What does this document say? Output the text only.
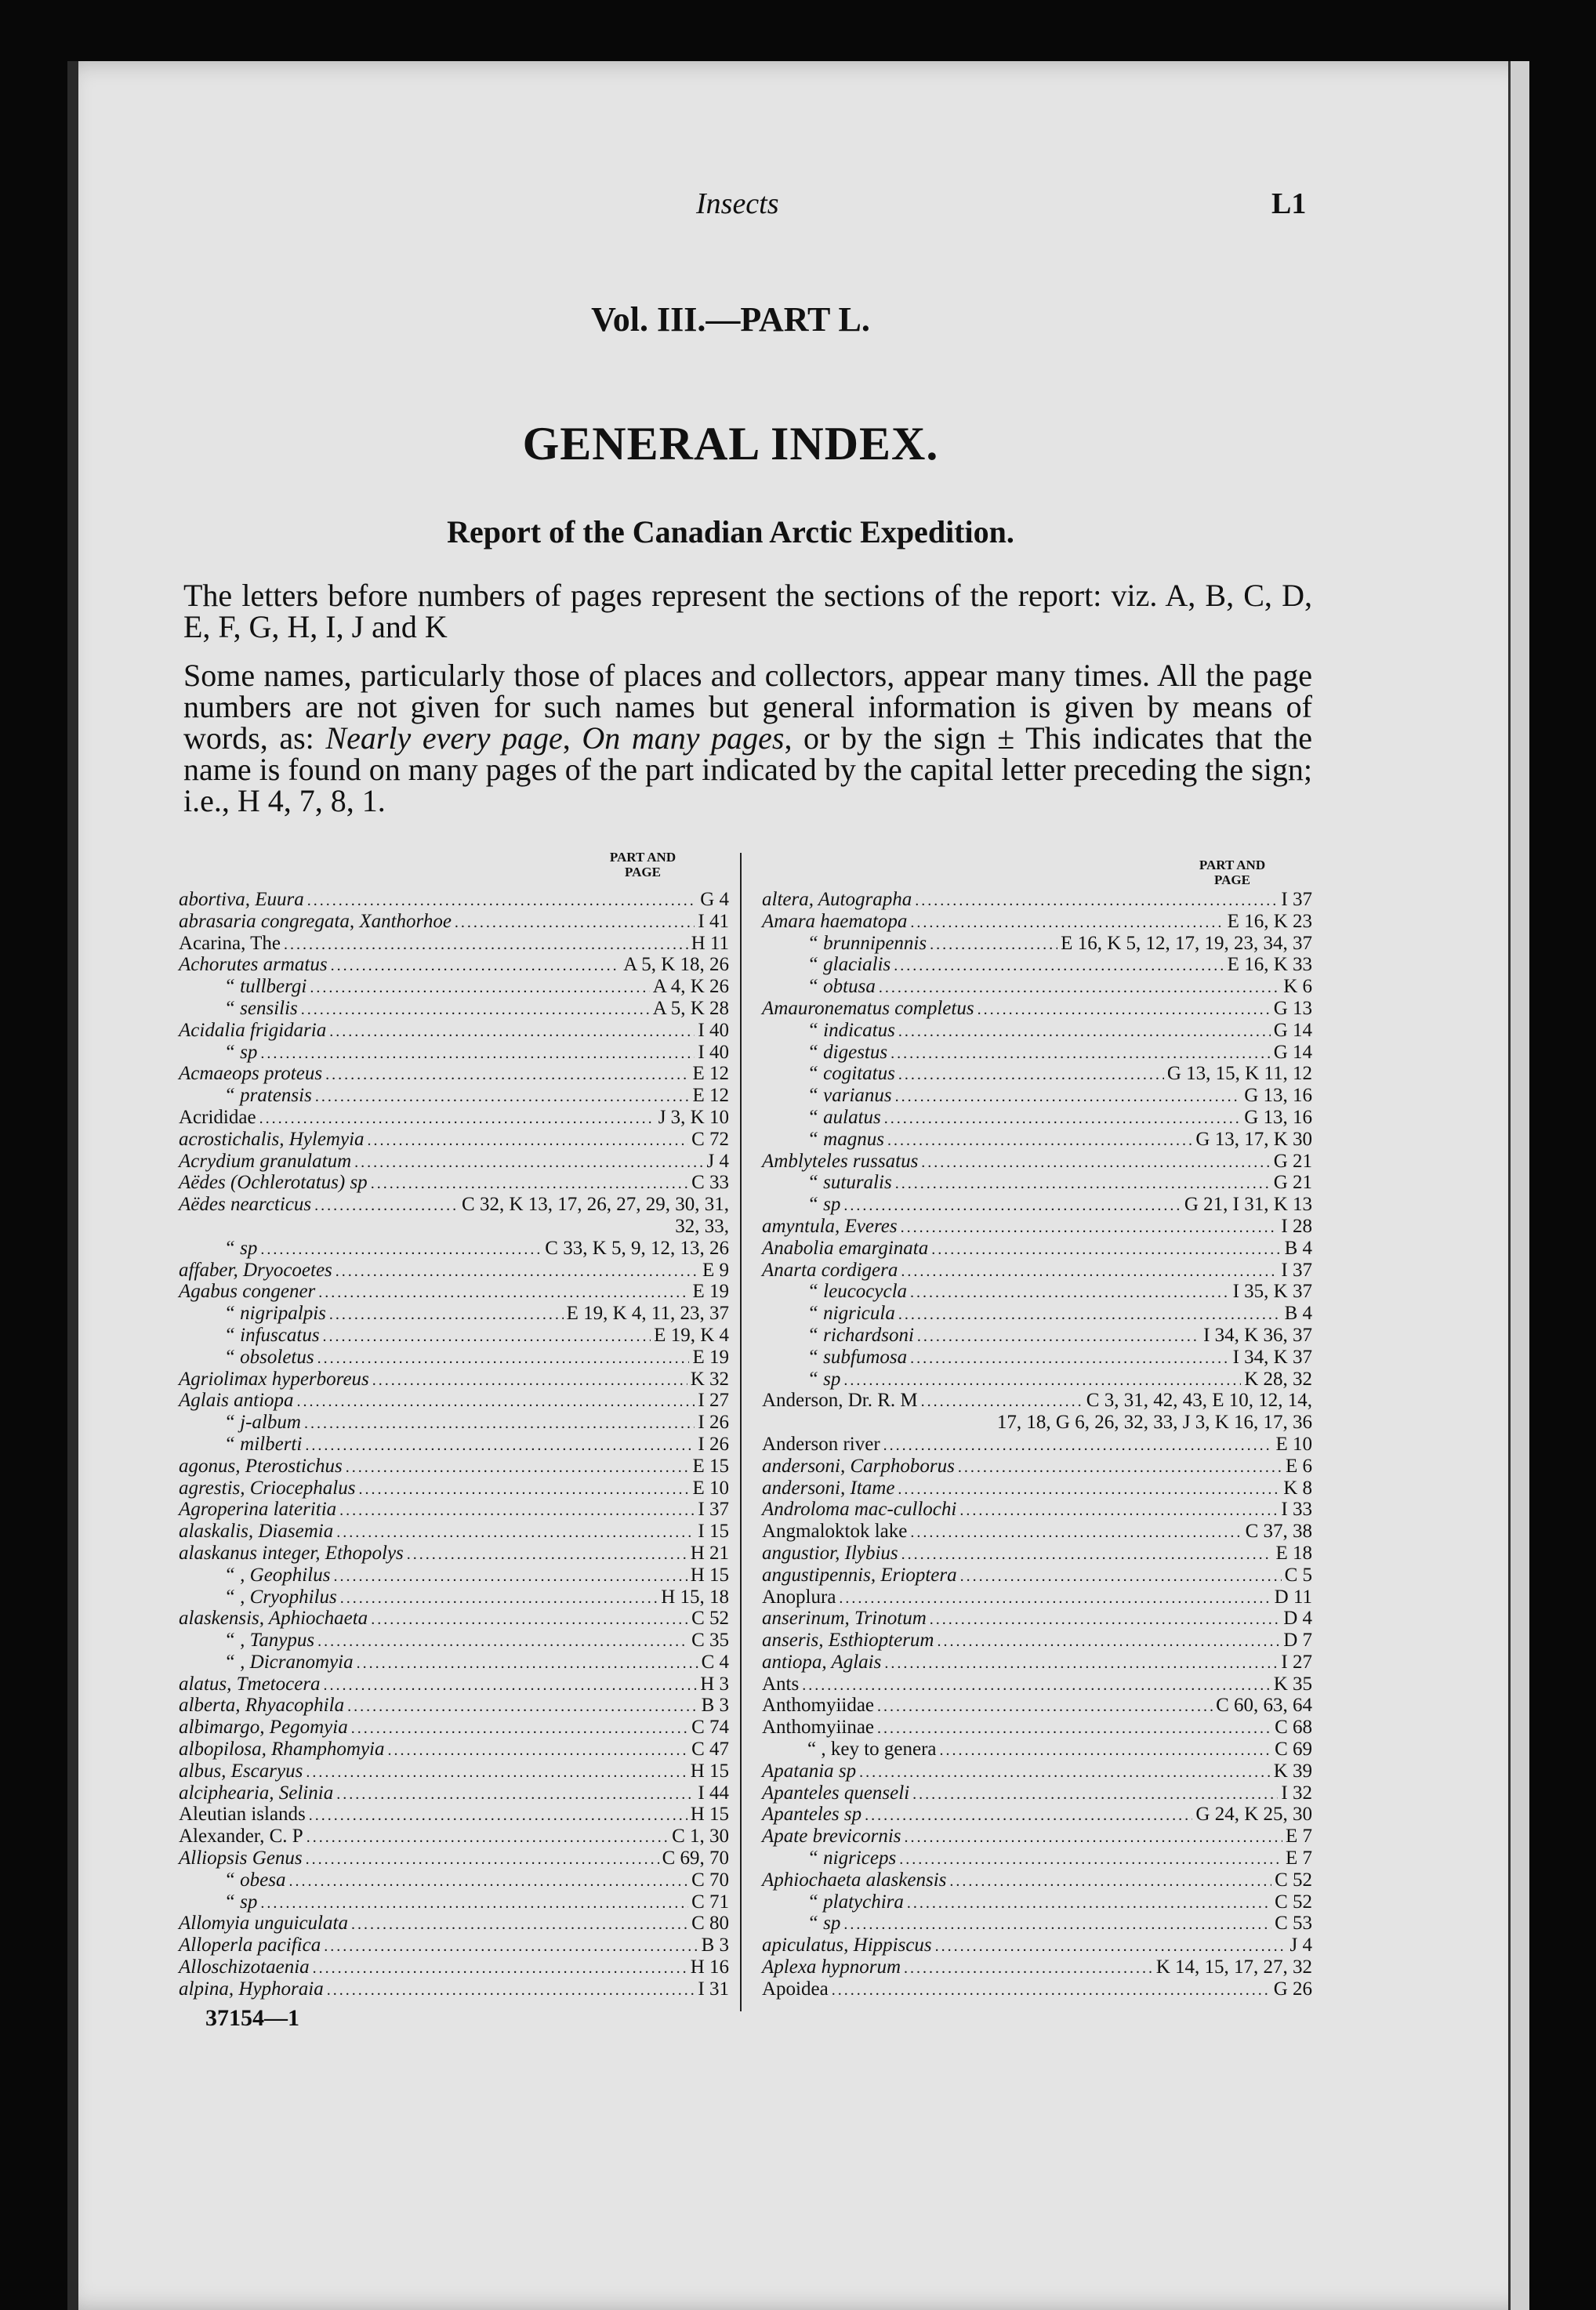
Insects	L1
Vol. III.—PART L.
GENERAL INDEX.
Report of the Canadian Arctic Expedition.
The letters before numbers of pages represent the sections of the report: viz. A, B, C, D, E, F, G, H, I, J and K
Some names, particularly those of places and collectors, appear many times. All the page numbers are not given for such names but general information is given by means of words, as: Nearly every page, On many pages, or by the sign ± This indicates that the name is found on many pages of the part indicated by the capital letter preceding the sign; i.e., H 4, 7, 8, 1.
PART AND PAGE	PART AND PAGE
abortiva, Euura . . .	G 4
abrasaria congregata, Xanthorhoe . . .	I 41
Acarina, The . . .	H 11
Achorutes armatus . . .	A 5, K 18, 26
“ tullbergi . . .	A 4, K 26
“ sensilis . . .	A 5, K 28
Acidalia frigidaria . . .	I 40
“ sp . . .	I 40
Acmaeops proteus . . .	E 12
“ pratensis . . .	E 12
Acrididae . . .	J 3, K 10
acrostichalis, Hylemyia . . .	C 72
Acrydium granulatum . . .	J 4
Aëdes (Ochlerotatus) sp . . .	C 33
Aëdes nearcticus . . .	C 32, K 13, 17, 26, 27, 29, 30, 31,
32, 33,
“ sp . . .	C 33, K 5, 9, 12, 13, 26
affaber, Dryocoetes . . .	E 9
Agabus congener . . .	E 19
“ nigripalpis . . .	E 19, K 4, 11, 23, 37
“ infuscatus . . .	E 19, K 4
“ obsoletus . . .	E 19
Agriolimax hyperboreus . . .	K 32
Aglais antiopa . . .	I 27
“ j-album . . .	I 26
“ milberti . . .	I 26
agonus, Pterostichus . . .	E 15
agrestis, Criocephalus . . .	E 10
Agroperina lateritia . . .	I 37
alaskalis, Diasemia . . .	I 15
alaskanus integer, Ethopolys . . .	H 21
“ , Geophilus . . .	H 15
“ , Cryophilus . . .	H 15, 18
alaskensis, Aphiochaeta . . .	C 52
“ , Tanypus . . .	C 35
“ , Dicranomyia . . .	C 4
alatus, Tmetocera . . .	H 3
alberta, Rhyacophila . . .	B 3
albimargo, Pegomyia . . .	C 74
albopilosa, Rhamphomyia . . .	C 47
albus, Escaryus . . .	H 15
alciphearia, Selinia . . .	I 44
Aleutian islands . . .	H 15
Alexander, C. P . . .	C 1, 30
Alliopsis Genus . . .	C 69, 70
“ obesa . . .	C 70
“ sp . . .	C 71
Allomyia unguiculata . . .	C 80
Alloperla pacifica . . .	B 3
Alloschizotaenia . . .	H 16
alpina, Hyphoraia . . .	I 31
altera, Autographa . . .	I 37
Amara haematopa . . .	E 16, K 23
“ brunnipennis . . .	E 16, K 5, 12, 17, 19, 23, 34, 37
“ glacialis . . .	E 16, K 33
“ obtusa . . .	K 6
Amauronematus completus . . .	G 13
“ indicatus . . .	G 14
“ digestus . . .	G 14
“ cogitatus . . .	G 13, 15, K 11, 12
“ varianus . . .	G 13, 16
“ aulatus . . .	G 13, 16
“ magnus . . .	G 13, 17, K 30
Amblyteles russatus . . .	G 21
“ suturalis . . .	G 21
“ sp . . .	G 21, I 31, K 13
amyntula, Everes . . .	I 28
Anabolia emarginata . . .	B 4
Anarta cordigera . . .	I 37
“ leucocycla . . .	I 35, K 37
“ nigricula . . .	B 4
“ richardsoni . . .	I 34, K 36, 37
“ subfumosa . . .	I 34, K 37
“ sp . . .	K 28, 32
Anderson, Dr. R. M . . .	C 3, 31, 42, 43, E 10, 12, 14,
17, 18, G 6, 26, 32, 33, J 3, K 16, 17, 36
Anderson river . . .	E 10
andersoni, Carphoborus . . .	E 6
andersoni, Itame . . .	K 8
Androloma mac-cullochi . . .	I 33
Angmaloktok lake . . .	C 37, 38
angustior, Ilybius . . .	E 18
angustipennis, Erioptera . . .	C 5
Anoplura . . .	D 11
anserinum, Trinotum . . .	D 4
anseris, Esthiopterum . . .	D 7
antiopa, Aglais . . .	I 27
Ants . . .	K 35
Anthomyiidae . . .	C 60, 63, 64
Anthomyiinae . . .	C 68
“ , key to genera . . .	C 69
Apatania sp . . .	K 39
Apanteles quenseli . . .	I 32
Apanteles sp . . .	G 24, K 25, 30
Apate brevicornis . . .	E 7
“ nigriceps . . .	E 7
Aphiochaeta alaskensis . . .	C 52
“ platychira . . .	C 52
“ sp . . .	C 53
apiculatus, Hippiscus . . .	J 4
Aplexa hypnorum . . .	K 14, 15, 17, 27, 32
Apoidea . . .	G 26
37154—1
